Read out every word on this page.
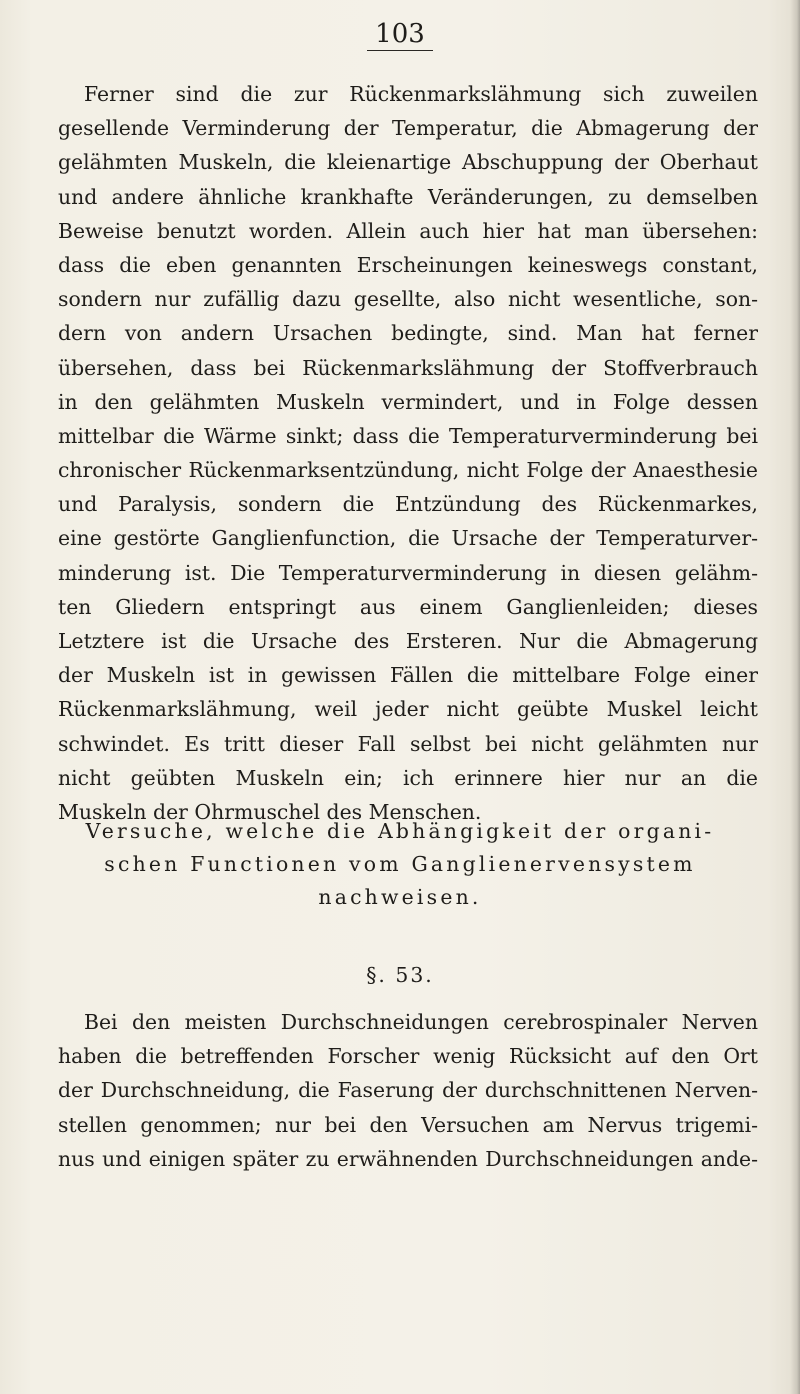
103
Ferner sind die zur Rückenmarkslähmung sich zuweilen
gesellende Verminderung der Temperatur, die Abmagerung der
gelähmten Muskeln, die kleienartige Abschuppung der Oberhaut
und andere ähnliche krankhafte Veränderungen, zu demselben
Beweise benutzt worden. Allein auch hier hat man übersehen:
dass die eben genannten Erscheinungen keineswegs constant,
sondern nur zufällig dazu gesellte, also nicht wesentliche, son-
dern von andern Ursachen bedingte, sind. Man hat ferner
übersehen, dass bei Rückenmarkslähmung der Stoffverbrauch
in den gelähmten Muskeln vermindert, und in Folge dessen
mittelbar die Wärme sinkt; dass die Temperaturverminderung bei
chronischer Rückenmarksentzündung, nicht Folge der Anaesthesie
und Paralysis, sondern die Entzündung des Rückenmarkes,
eine gestörte Ganglienfunction, die Ursache der Temperaturver-
minderung ist. Die Temperaturverminderung in diesen gelähm-
ten Gliedern entspringt aus einem Ganglienleiden; dieses
Letztere ist die Ursache des Ersteren. Nur die Abmagerung
der Muskeln ist in gewissen Fällen die mittelbare Folge einer
Rückenmarkslähmung, weil jeder nicht geübte Muskel leicht
schwindet. Es tritt dieser Fall selbst bei nicht gelähmten nur
nicht geübten Muskeln ein; ich erinnere hier nur an die
Muskeln der Ohrmuschel des Menschen.
Versuche, welche die Abhängigkeit der organi-
schen Functionen vom Ganglienervensystem
nachweisen.
§. 53.
Bei den meisten Durchschneidungen cerebrospinaler Nerven
haben die betreffenden Forscher wenig Rücksicht auf den Ort
der Durchschneidung, die Faserung der durchschnittenen Nerven-
stellen genommen; nur bei den Versuchen am Nervus trigemi-
nus und einigen später zu erwähnenden Durchschneidungen ande-
